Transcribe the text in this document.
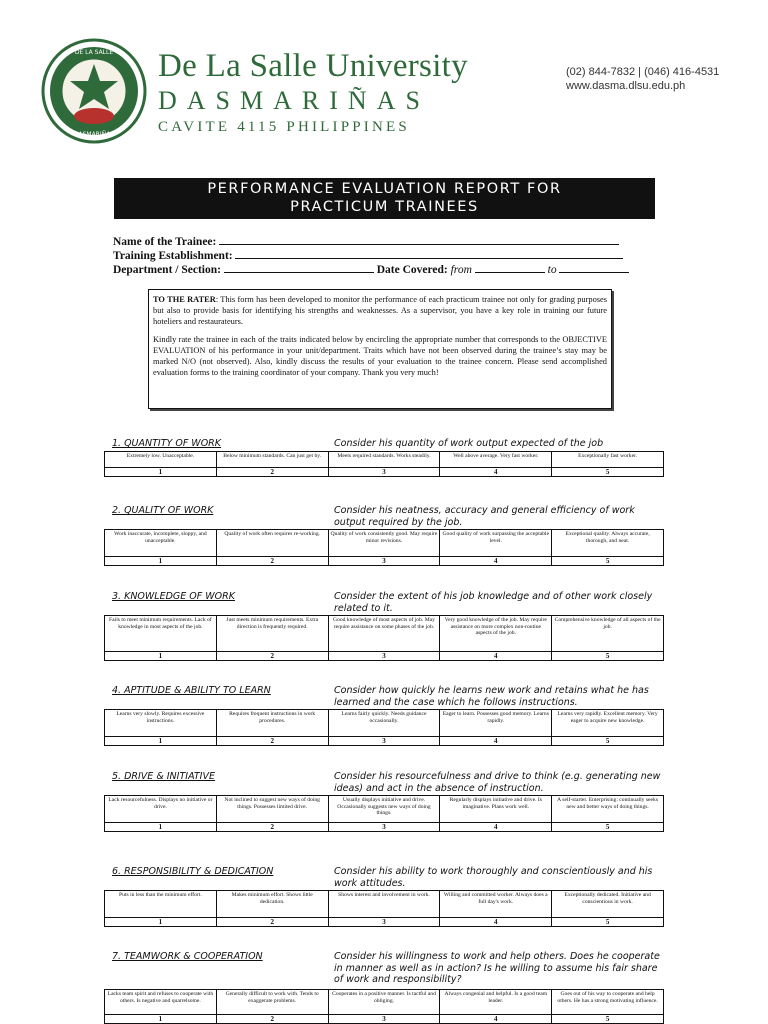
DE LA SALLE
DASMARIÑAS
De La Salle University
DASMARIÑAS
CAVITE 4115 PHILIPPINES
(02) 844-7832 | (046) 416-4531
www.dasma.dlsu.edu.ph
PERFORMANCE EVALUATION REPORT FOR
PRACTICUM TRAINEES
Name of the Trainee:
Training Establishment:
Department / Section:	Date Covered: from	to

TO THE RATER: This form has been developed to monitor the performance of each practicum trainee not only for grading purposes but also to provide basis for identifying his strengths and weaknesses. As a supervisor, you have a key role in training our future hoteliers and restaurateurs.

Kindly rate the trainee in each of the traits indicated below by encircling the appropriate number that corresponds to the OBJECTIVE EVALUATION of his performance in your unit/department. Traits which have not been observed during the trainee’s stay may be marked N/O (not observed). Also, kindly discuss the results of your evaluation to the trainee concern. Please send accomplished evaluation forms to the training coordinator of your company. Thank you very much!

1. QUANTITY OF WORK	Consider his quantity of work output expected of the job
Extremely low. Unacceptable.	Below minimum standards. Can just get by.	Meets required standards. Works steadily.	Well above average. Very fast worker.	Exceptionally fast worker.
1	2	3	4	5
2. QUALITY OF WORK	Consider his neatness, accuracy and general efficiency of work output required by the job.
Work inaccurate, incomplete, sloppy, and unacceptable.	Quality of work often requires re-working.	Quality of work consistently good. May require minor revisions.	Good quality of work surpassing the acceptable level.	Exceptional quality. Always accurate, thorough, and neat.
1	2	3	4	5
3. KNOWLEDGE OF WORK	Consider the extent of his job knowledge and of other work closely related to it.
Fails to meet minimum requirements. Lack of knowledge in most aspects of the job.	Just meets minimum requirements. Extra direction is frequently required.	Good knowledge of most aspects of job. May require assistance on some phases of the job.	Very good knowledge of the job. May require assistance on more complex non-routine aspects of the job.	Comprehensive knowledge of all aspects of the job.
1	2	3	4	5
4. APTITUDE & ABILITY TO LEARN	Consider how quickly he learns new work and retains what he has learned and the case which he follows instructions.
Learns very slowly. Requires excessive instructions.	Requires frequent instructions in work procedures.	Learns fairly quickly. Needs guidance occasionally.	Eager to learn. Possesses good memory. Learns rapidly.	Learns very rapidly. Excellent memory. Very eager to acquire new knowledge.
1	2	3	4	5
5. DRIVE & INITIATIVE	Consider his resourcefulness and drive to think (e.g. generating new ideas) and act in the absence of instruction.
Lack resourcefulness. Displays no initiative or drive.	Not inclined to suggest new ways of doing things. Possesses limited drive.	Usually displays initiative and drive. Occasionally suggests new ways of doing things.	Regularly displays initiative and drive. Is imaginative. Plans work well.	A self-starter. Enterprising: continually seeks new and better ways of doing things.
1	2	3	4	5
6. RESPONSIBILITY & DEDICATION	Consider his ability to work thoroughly and conscientiously and his work attitudes.
Puts in less than the minimum effort.	Makes minimum effort. Shows little dedication.	Shows interest and involvement in work.	Willing and committed worker. Always does a full day's work.	Exceptionally dedicated. Initiative and conscientious in work.
1	2	3	4	5
7. TEAMWORK & COOPERATION	Consider his willingness to work and help others. Does he cooperate in manner as well as in action? Is he willing to assume his fair share of work and responsibility?
Lacks team spirit and refuses to cooperate with others. Is negative and quarrelsome.	Generally difficult to work with. Tends to exaggerate problems.	Cooperates in a positive manner. Is tactful and obliging.	Always congenial and helpful. Is a good team leader.	Goes out of his way to cooperate and help others. He has a strong motivating influence.
1	2	3	4	5
